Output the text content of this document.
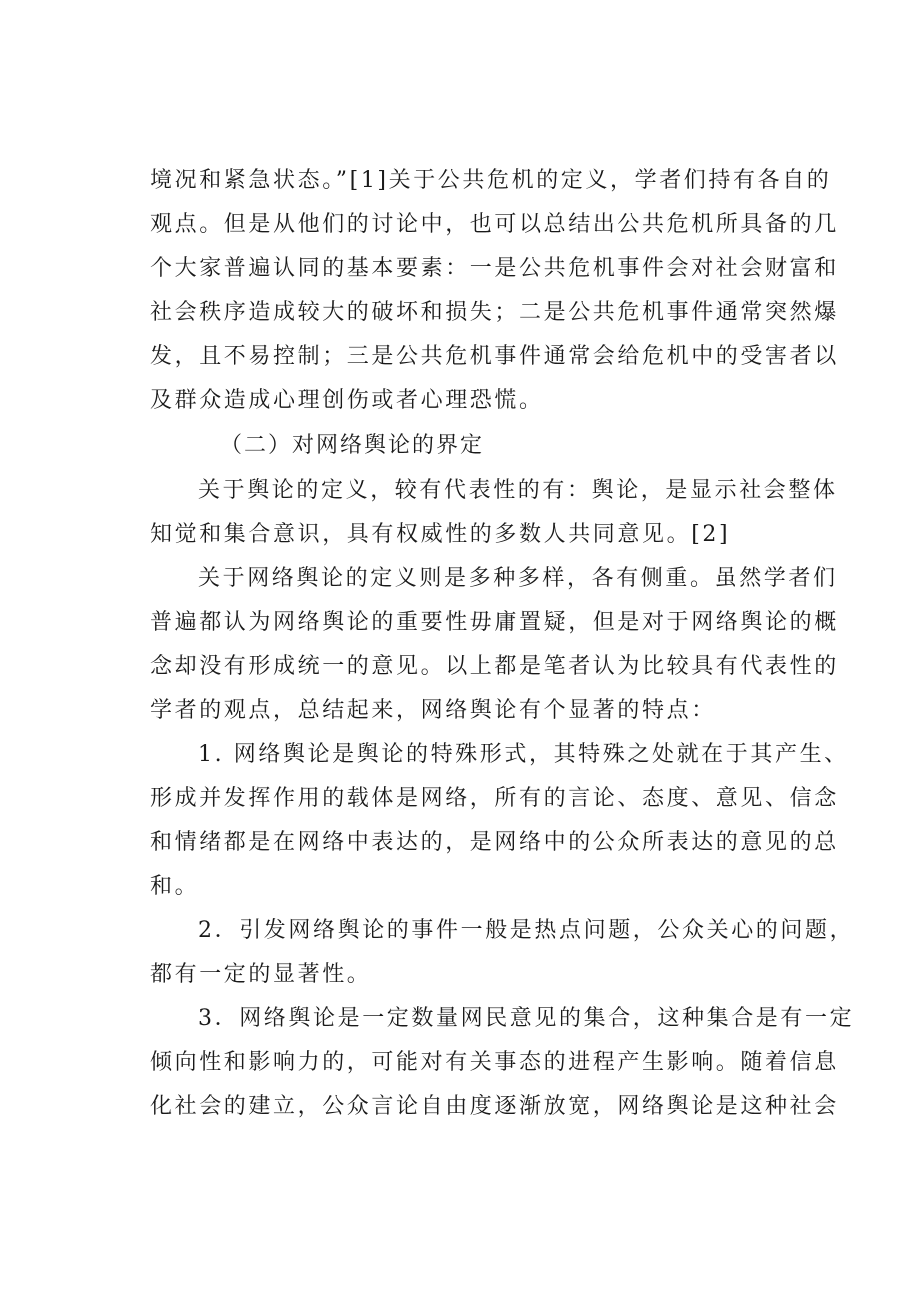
境况和紧急状态。”[1]关于公共危机的定义，学者们持有各自的
观点。但是从他们的讨论中，也可以总结出公共危机所具备的几
个大家普遍认同的基本要素：一是公共危机事件会对社会财富和
社会秩序造成较大的破坏和损失；二是公共危机事件通常突然爆
发，且不易控制；三是公共危机事件通常会给危机中的受害者以
及群众造成心理创伤或者心理恐慌。
（二）对网络舆论的界定
关于舆论的定义，较有代表性的有：舆论，是显示社会整体
知觉和集合意识，具有权威性的多数人共同意见。[2]
关于网络舆论的定义则是多种多样，各有侧重。虽然学者们
普遍都认为网络舆论的重要性毋庸置疑，但是对于网络舆论的概
念却没有形成统一的意见。以上都是笔者认为比较具有代表性的
学者的观点，总结起来，网络舆论有个显著的特点：
1. 网络舆论是舆论的特殊形式，其特殊之处就在于其产生、
形成并发挥作用的载体是网络，所有的言论、态度、意见、信念
和情绪都是在网络中表达的，是网络中的公众所表达的意见的总
和。
2．引发网络舆论的事件一般是热点问题，公众关心的问题，
都有一定的显著性。
3．网络舆论是一定数量网民意见的集合，这种集合是有一定
倾向性和影响力的，可能对有关事态的进程产生影响。随着信息
化社会的建立，公众言论自由度逐渐放宽，网络舆论是这种社会
